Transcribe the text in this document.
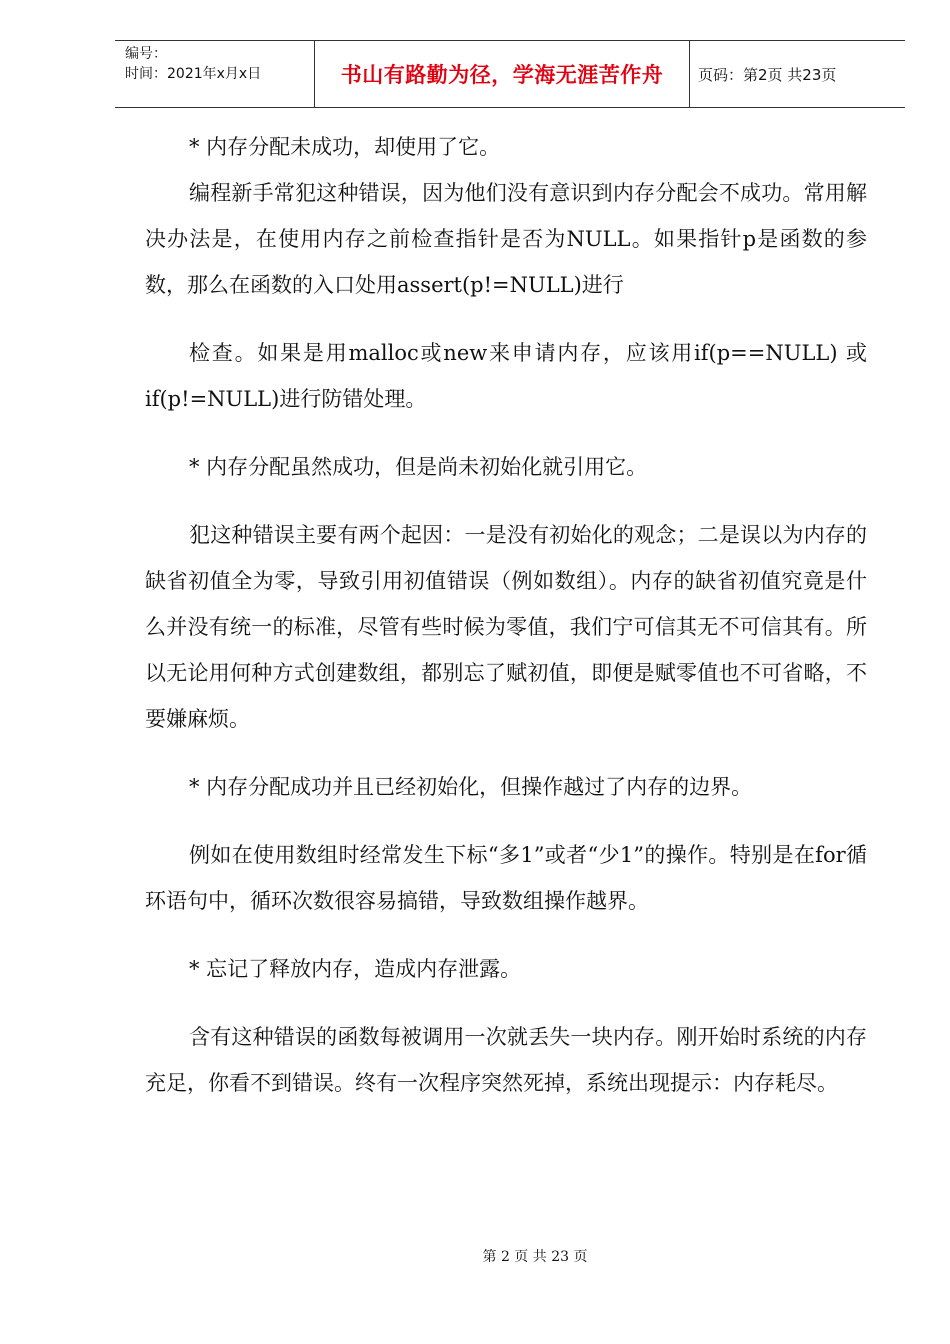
编号：
时间：2021年x月x日	书山有路勤为径，学海无涯苦作舟	页码：第2页 共23页

* 内存分配未成功，却使用了它。

编程新手常犯这种错误，因为他们没有意识到内存分配会不成功。常用解决办法是，在使用内存之前检查指针是否为NULL。如果指针p是函数的参数，那么在函数的入口处用assert(p!=NULL)进行

检查。如果是用malloc或new来申请内存，应该用if(p==NULL) 或if(p!=NULL)进行防错处理。

* 内存分配虽然成功，但是尚未初始化就引用它。

犯这种错误主要有两个起因：一是没有初始化的观念；二是误以为内存的缺省初值全为零，导致引用初值错误（例如数组）。内存的缺省初值究竟是什么并没有统一的标准，尽管有些时候为零值，我们宁可信其无不可信其有。所以无论用何种方式创建数组，都别忘了赋初值，即便是赋零值也不可省略，不要嫌麻烦。

* 内存分配成功并且已经初始化，但操作越过了内存的边界。

例如在使用数组时经常发生下标“多1”或者“少1”的操作。特别是在for循环语句中，循环次数很容易搞错，导致数组操作越界。

* 忘记了释放内存，造成内存泄露。

含有这种错误的函数每被调用一次就丢失一块内存。刚开始时系统的内存充足，你看不到错误。终有一次程序突然死掉，系统出现提示：内存耗尽。

第 2 页 共 23 页
